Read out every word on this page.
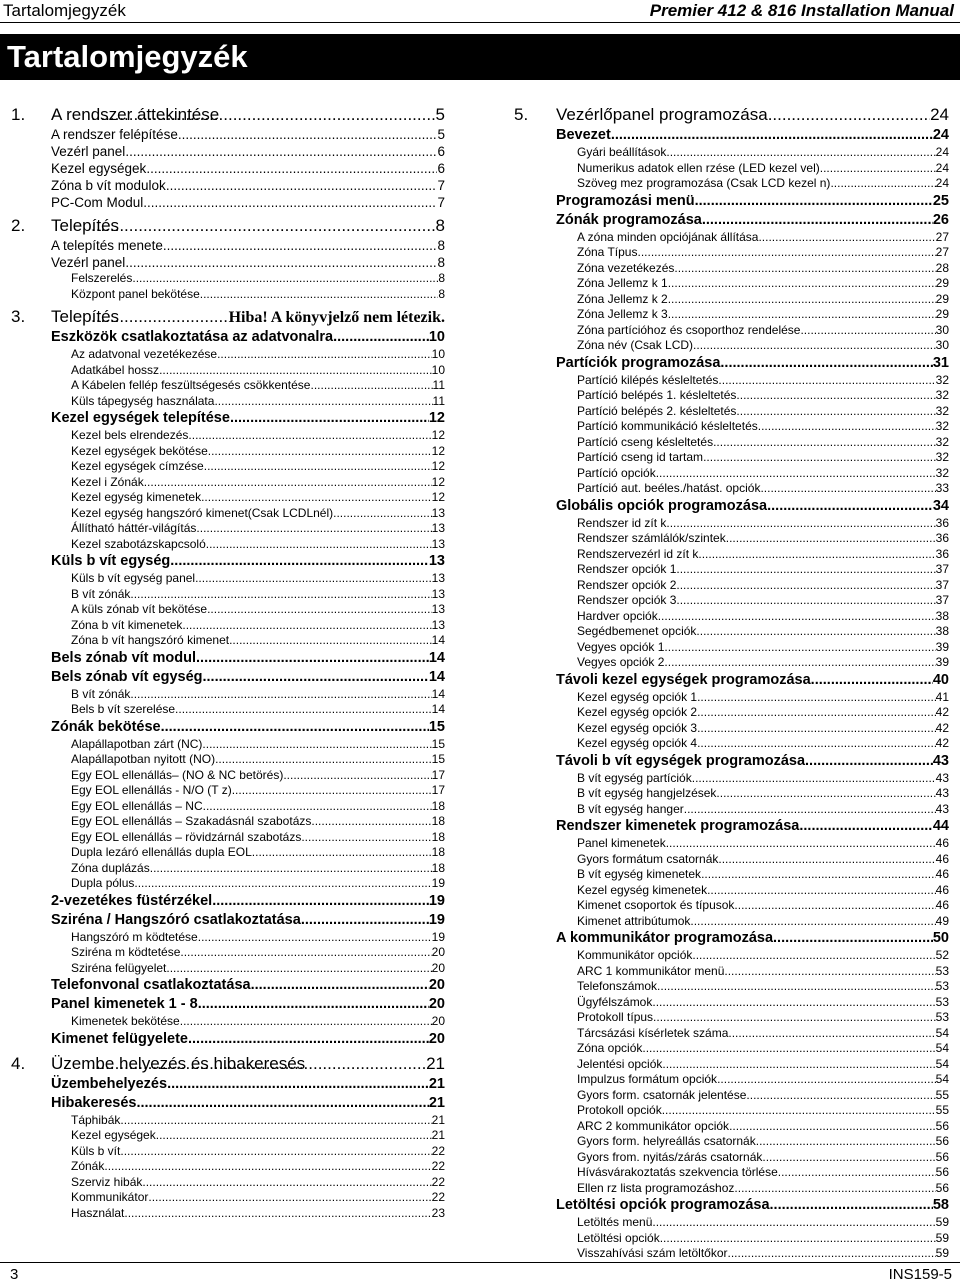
Tartalomjegyzék	Premier 412 & 816 Installation Manual
Tartalomjegyzék
1.	A rendszer áttekintése .....	5
A rendszer felépítése .....	5
Vezérl panel .....	6
Kezel egységek .....	6
Zóna b vít modulok .....	7
PC-Com Modul .....	7
2.	Telepítés .....	8
A telepítés menete .....	8
Vezérl panel .....	8
Felszerelés .....	8
Központ panel bekötése .....	8
3.	Telepítés .....	Hiba! A könyvjelző nem létezik.
Eszközök csatlakoztatása az adatvonalra .....	10
Az adatvonal vezetékezése .....	10
Adatkábel hossz .....	10
A Kábelen fellép feszültségesés csökkentése .....	11
Küls tápegység használata .....	11
Kezel egységek telepítése .....	12
Kezel bels elrendezés .....	12
Kezel egységek bekötése .....	12
Kezel egységek címzése .....	12
Kezel i Zónák .....	12
Kezel egység kimenetek .....	12
Kezel egység hangszóró kimenet(Csak LCDLnél) .....	13
Állítható háttér-világítás .....	13
Kezel szabotázskapcsoló .....	13
Küls b vít egység .....	13
Küls b vít egység panel .....	13
B vít zónák .....	13
A küls zónab vít bekötése .....	13
Zóna b vít kimenetek .....	13
Zóna b vít hangszóró kimenet .....	14
Bels zónab vít modul .....	14
Bels zónab vít egység .....	14
B vít zónák .....	14
Bels b vít szerelése .....	14
Zónák bekötése .....	15
Alapállapotban zárt (NC) .....	15
Alapállapotban nyitott (NO) .....	15
Egy EOL ellenállás– (NO & NC betörés) .....	17
Egy EOL ellenállás - N/O (T z) .....	17
Egy EOL ellenállás – NC .....	18
Egy EOL ellenállás – Szakadásnál szabotázs .....	18
Egy EOL ellenállás – rövidzárnál szabotázs .....	18
Dupla lezáró ellenállás dupla EOL .....	18
Zóna duplázás .....	18
Dupla pólus .....	19
2-vezetékes füstérzékel .....	19
Sziréna / Hangszóró csatlakoztatása .....	19
Hangszóró m ködtetése .....	19
Sziréna m ködtetése .....	20
Sziréna felügyelet .....	20
Telefonvonal csatlakoztatása .....	20
Panel kimenetek 1 - 8 .....	20
Kimenetek bekötése .....	20
Kimenet felügyelete .....	20
4.	Üzembe helyezés és hibakeresés .....	21
Üzembehelyezés .....	21
Hibakeresés .....	21
Táphibák .....	21
Kezel egységek .....	21
Küls b vít .....	22
Zónák .....	22
Szerviz hibák .....	22
Kommunikátor .....	22
Használat .....	23
5.	Vezérlőpanel programozása .....	24
Bevezet .....	24
Gyári beállítások .....	24
Numerikus adatok ellen rzése (LED kezel vel) .....	24
Szöveg mez programozása (Csak LCD kezel n) .....	24
Programozási menü .....	25
Zónák programozása .....	26
A zóna minden opciójának állítása .....	27
Zóna Típus .....	27
Zóna vezetékezés .....	28
Zóna Jellemz k 1 .....	29
Zóna Jellemz k 2 .....	29
Zóna Jellemz k 3 .....	29
Zóna partícióhoz és csoporthoz rendelése .....	30
Zóna név (Csak LCD) .....	30
Partíciók programozása .....	31
Partíció kilépés késleltetés .....	32
Partíció belépés 1. késleltetés .....	32
Partíció belépés 2. késleltetés .....	32
Partíció kommunikáció késleltetés .....	32
Partíció cseng késleltetés .....	32
Partíció cseng id tartam .....	32
Partíció opciók .....	32
Partíció aut. beéles./hatást. opciók .....	33
Globális opciók programozása .....	34
Rendszer id zít k .....	36
Rendszer számlálók/szintek .....	36
Rendszervezérl id zít k .....	36
Rendszer opciók 1 .....	37
Rendszer opciók 2 .....	37
Rendszer opciók 3 .....	37
Hardver opciók .....	38
Segédbemenet opciók .....	38
Vegyes opciók 1 .....	39
Vegyes opciók 2 .....	39
Távoli kezel egységek programozása .....	40
Kezel egység opciók 1 .....	41
Kezel egység opciók 2 .....	42
Kezel egység opciók 3 .....	42
Kezel egység opciók 4 .....	42
Távoli b vít egységek programozása .....	43
B vít egység partíciók .....	43
B vít egység hangjelzések .....	43
B vít egység hanger .....	43
Rendszer kimenetek programozása .....	44
Panel kimenetek .....	46
Gyors formátum csatornák .....	46
B vít egység kimenetek .....	46
Kezel egység kimenetek .....	46
Kimenet csoportok és típusok .....	46
Kimenet attribútumok .....	49
A kommunikátor programozása .....	50
Kommunikátor opciók .....	52
ARC 1 kommunikátor menü .....	53
Telefonszámok .....	53
Ügyfélszámok .....	53
Protokoll típus .....	53
Tárcsázási kísérletek száma .....	54
Zóna opciók .....	54
Jelentési opciók .....	54
Impulzus formátum opciók .....	54
Gyors form. csatornák jelentése .....	55
Protokoll opciók .....	55
ARC 2 kommunikátor opciók .....	56
Gyors form. helyreállás csatornák .....	56
Gyors from. nyitás/zárás csatornák .....	56
Hívásvárakoztatás szekvencia törlése .....	56
Ellen rz lista programozáshoz .....	56
Letöltési opciók programozása .....	58
Letöltés menü .....	59
Letöltési opciók .....	59
Visszahívási szám letöltőkor .....	59
3	INS159-5
